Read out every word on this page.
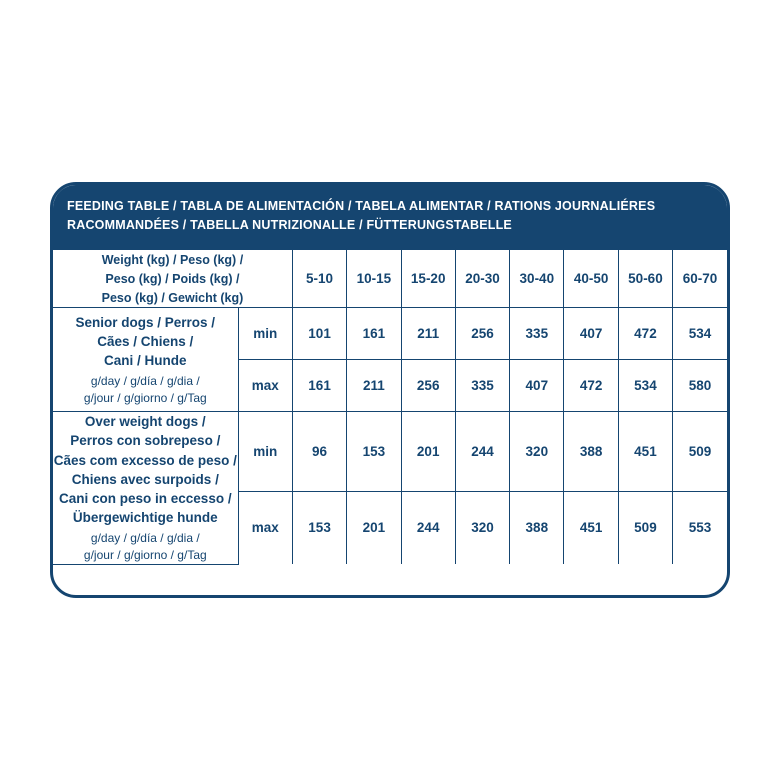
FEEDING TABLE / TABLA DE ALIMENTACIÓN / TABELA ALIMENTAR / RATIONS JOURNALIÉRES
RACOMMANDÉES / TABELLA NUTRIZIONALLE / FÜTTERUNGSTABELLE
Weight (kg) / Peso (kg) /
Peso (kg) / Poids (kg) /
Peso (kg) / Gewicht (kg)		5-10	10-15	15-20	20-30	30-40	40-50	50-60	60-70
Senior dogs / Perros /
Cães / Chiens /
Cani / Hunde
g/day / g/día / g/dia /
g/jour / g/giorno / g/Tag	min	101	161	211	256	335	407	472	534
	max	161	211	256	335	407	472	534	580
Over weight dogs /
Perros con sobrepeso /
Cães com excesso de peso /
Chiens avec surpoids /
Cani con peso in eccesso /
Übergewichtige hunde
g/day / g/día / g/dia /
g/jour / g/giorno / g/Tag
	min	96	153	201	244	320	388	451	509
	max	153	201	244	320	388	451	509	553
